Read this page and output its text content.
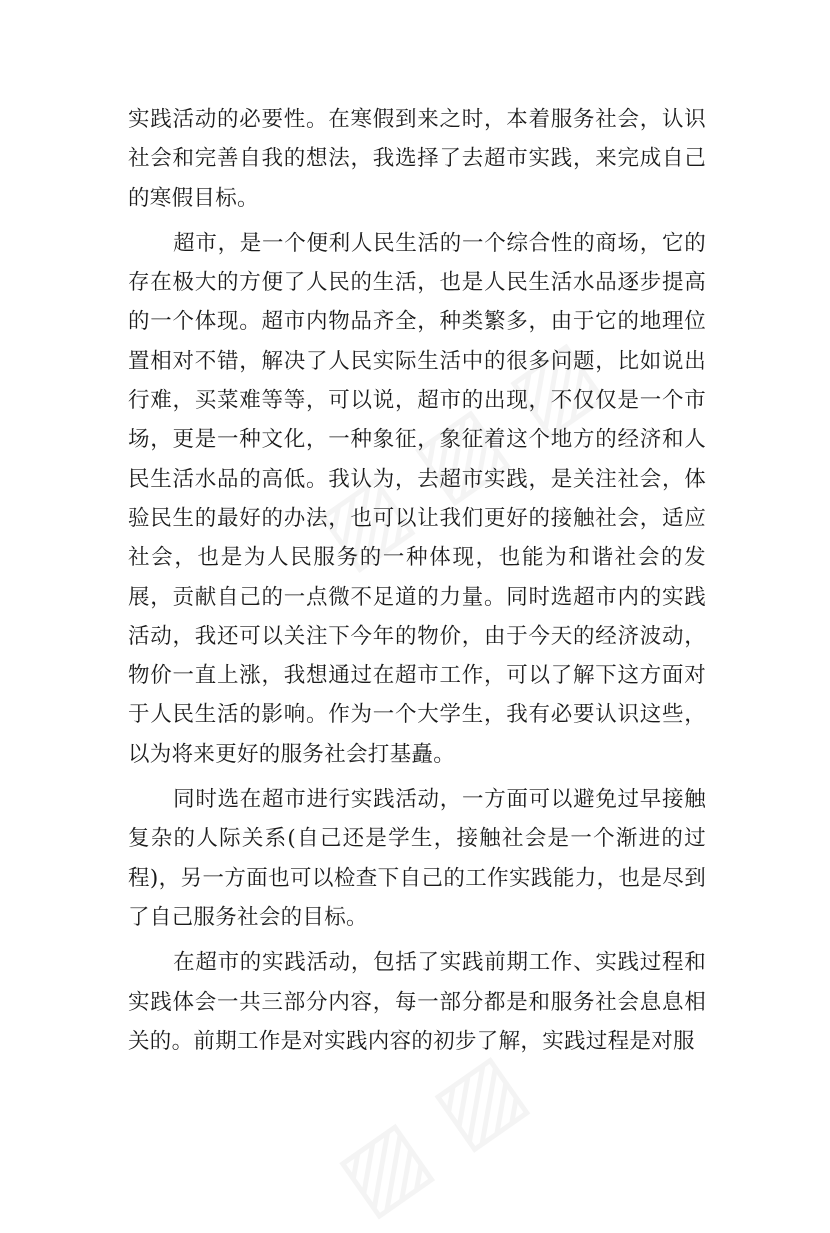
实践活动的必要性。在寒假到来之时，本着服务社会，认识社会和完善自我的想法，我选择了去超市实践，来完成自己的寒假目标。

超市，是一个便利人民生活的一个综合性的商场，它的存在极大的方便了人民的生活，也是人民生活水品逐步提高的一个体现。超市内物品齐全，种类繁多，由于它的地理位置相对不错，解决了人民实际生活中的很多问题，比如说出行难，买菜难等等，可以说，超市的出现，不仅仅是一个市场，更是一种文化，一种象征，象征着这个地方的经济和人民生活水品的高低。我认为，去超市实践，是关注社会，体验民生的最好的办法，也可以让我们更好的接触社会，适应社会，也是为人民服务的一种体现，也能为和谐社会的发展，贡献自己的一点微不足道的力量。同时选超市内的实践活动，我还可以关注下今年的物价，由于今天的经济波动，物价一直上涨，我想通过在超市工作，可以了解下这方面对于人民生活的影响。作为一个大学生，我有必要认识这些，以为将来更好的服务社会打基矗。

同时选在超市进行实践活动，一方面可以避免过早接触复杂的人际关系(自己还是学生，接触社会是一个渐进的过程)，另一方面也可以检查下自己的工作实践能力，也是尽到了自己服务社会的目标。

在超市的实践活动，包括了实践前期工作、实践过程和实践体会一共三部分内容，每一部分都是和服务社会息息相关的。前期工作是对实践内容的初步了解，实践过程是对服
